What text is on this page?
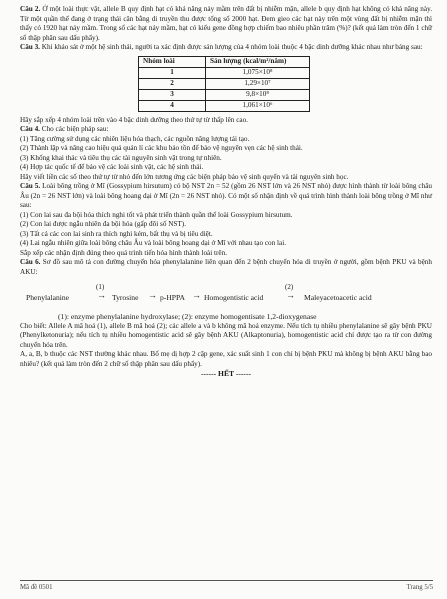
Câu 2. Ở một loài thực vật, allele B quy định hạt có khả năng nảy mầm trên đất bị nhiễm mặn, allele b quy định hạt không có khả năng này. Từ một quần thể đang ở trạng thái cân bằng di truyền thu được tổng số 2000 hạt. Đem gieo các hạt này trên một vùng đất bị nhiễm mặn thì thấy có 1920 hạt nảy mầm. Trong số các hạt nảy mầm, hạt có kiểu gene đồng hợp chiếm bao nhiêu phần trăm (%)? (kết quả làm tròn đến 1 chữ số thập phân sau dấu phẩy).

Câu 3. Khi khảo sát ở một hệ sinh thái, người ta xác định được sản lượng của 4 nhóm loài thuộc 4 bậc dinh dưỡng khác nhau như bảng sau:

Nhóm loài	Sản lượng (kcal/m²/năm)
1	1,075×10⁸
2	1,29×10⁷
3	9,8×10⁸
4	1,061×10⁶

Hãy sắp xếp 4 nhóm loài trên vào 4 bậc dinh dưỡng theo thứ tự từ thấp lên cao.

Câu 4. Cho các biện pháp sau:

(1) Tăng cường sử dụng các nhiên liệu hóa thạch, các nguồn năng lượng tái tạo.

(2) Thành lập và nâng cao hiệu quả quản lí các khu bảo tồn để bảo vệ nguyên vẹn các hệ sinh thái.

(3) Khống khai thác và tiêu thụ các tài nguyên sinh vật trong tự nhiên.

(4) Hợp tác quốc tế để bảo vệ các loài sinh vật, các hệ sinh thái.

Hãy viết liền các số theo thứ tự từ nhỏ đến lớn tương ứng các biện pháp bảo vệ sinh quyển và tài nguyên sinh học.

Câu 5. Loài bông trồng ở Mĩ (Gossypium hirsutum) có bộ NST 2n = 52 (gồm 26 NST lớn và 26 NST nhỏ) được hình thành từ loài bông châu Âu (2n = 26 NST lớn) và loài bông hoang dại ở Mĩ (2n = 26 NST nhỏ). Có một số nhận định về quá trình hình thành loài bông trồng ở Mĩ như sau:

(1) Con lai sau đa bội hóa thích nghi tốt và phát triển thành quần thể loài Gossypium hirsutum.

(2) Con lai được ngẫu nhiên đa bội hóa (gấp đôi số NST).

(3) Tất cả các con lai sinh ra thích nghi kém, bất thụ và bị tiêu diệt.

(4) Lai ngẫu nhiên giữa loài bông châu Âu và loài bông hoang dại ở Mĩ với nhau tạo con lai.

Sắp xếp các nhận định đúng theo quá trình tiến hóa hình thành loài trên.

Câu 6. Sơ đồ sau mô tả con đường chuyển hóa phenylalanine liên quan đến 2 bệnh chuyển hóa di truyền ở người, gồm bệnh PKU và bệnh AKU:

Phenylalanine
(1)
→ Tyrosine → p-HPPA → Homogentistic acid
(2)
→ Maleyacetoacetic acid

(1): enzyme phenylalanine hydroxylase; (2): enzyme homogentisate 1,2-dioxygenase

Cho biết: Allele A mã hoá (1), allele B mã hoá (2); các allele a và b không mã hoá enzyme. Nếu tích tụ nhiều phenylalanine sẽ gây bệnh PKU (Phenylketonuria); nếu tích tụ nhiều homogentistic acid sẽ gây bệnh AKU (Alkaptonuria), homogentistic acid chỉ được tạo ra từ con đường chuyển hóa trên.

A, a, B, b thuộc các NST thường khác nhau. Bố mẹ dị hợp 2 cặp gene, xác suất sinh 1 con chỉ bị bệnh PKU mà không bị bệnh AKU bằng bao nhiêu? (kết quả làm tròn đến 2 chữ số thập phân sau dấu phẩy).

------ HẾT ------

Mã đề 0501	Trang 5/5
